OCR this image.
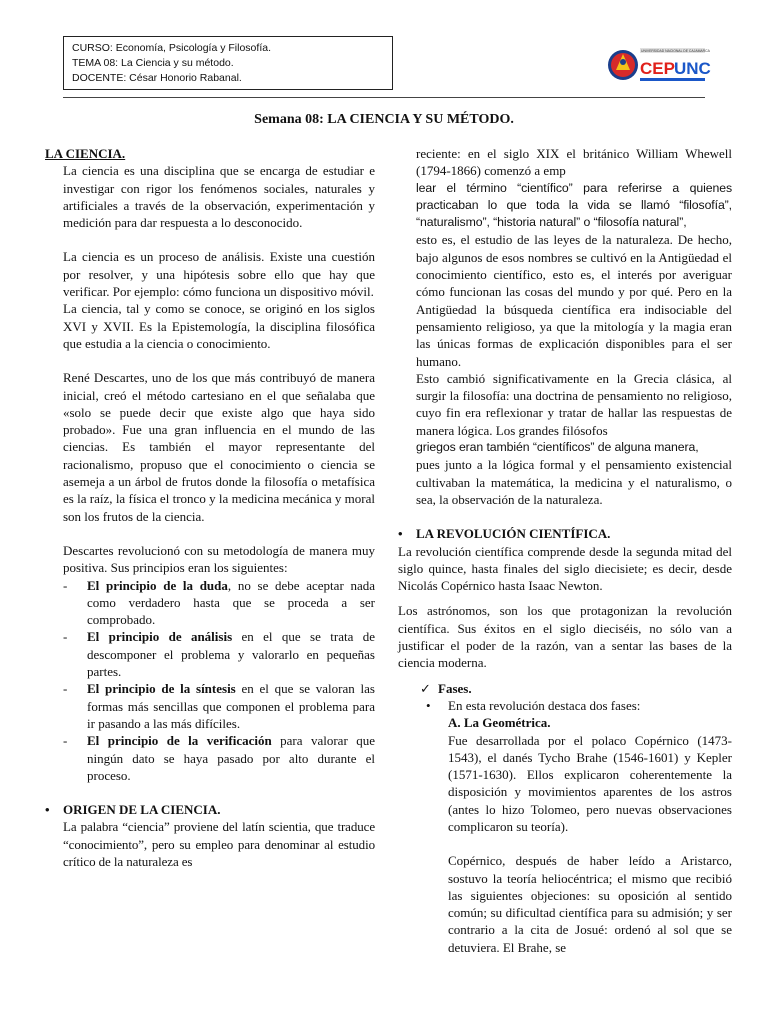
CURSO: Economía, Psicología y Filosofía.
TEMA 08: La Ciencia y su método.
DOCENTE: César Honorio Rabanal.
UNIVERSIDAD NACIONAL DE CAJAMARCA
CEP UNC
Semana 08: LA CIENCIA Y SU MÉTODO.

LA CIENCIA.

La ciencia es una disciplina que se encarga de estudiar e investigar con rigor los fenómenos sociales, naturales y artificiales a través de la observación, experimentación y medición para dar respuesta a lo desconocido.

La ciencia es un proceso de análisis. Existe una cuestión por resolver, y una hipótesis sobre ello que hay que verificar. Por ejemplo: cómo funciona un dispositivo móvil.

La ciencia, tal y como se conoce, se originó en los siglos XVI y XVII. Es la Epistemología, la disciplina filosófica que estudia a la ciencia o conocimiento.

René Descartes, uno de los que más contribuyó de manera inicial, creó el método cartesiano en el que señalaba que «solo se puede decir que existe algo que haya sido probado». Fue una gran influencia en el mundo de las ciencias. Es también el mayor representante del racionalismo, propuso que el conocimiento o ciencia se asemeja a un árbol de frutos donde la filosofía o metafísica es la raíz, la física el tronco y la medicina mecánica y moral son los frutos de la ciencia.

Descartes revolucionó con su metodología de manera muy positiva. Sus principios eran los siguientes:

-	El principio de la duda, no se debe aceptar nada como verdadero hasta que se proceda a ser comprobado.
-	El principio de análisis en el que se trata de descomponer el problema y valorarlo en pequeñas partes.
-	El principio de la síntesis en el que se valoran las formas más sencillas que componen el problema para ir pasando a las más difíciles.
-	El principio de la verificación para valorar que ningún dato se haya pasado por alto durante el proceso.
•	ORIGEN DE LA CIENCIA.

La palabra “ciencia” proviene del latín scientia, que traduce “conocimiento”, pero su empleo para denominar al estudio crítico de la naturaleza es

reciente: en el siglo XIX el británico William Whewell (1794-1866) comenzó a emp

lear el término “científico” para referirse a quienes practicaban lo que toda la vida se llamó “filosofía”, “naturalismo”, “historia natural” o “filosofía natural”,

esto es, el estudio de las leyes de la naturaleza. De hecho, bajo algunos de esos nombres se cultivó en la Antigüedad el conocimiento científico, esto es, el interés por averiguar cómo funcionan las cosas del mundo y por qué. Pero en la Antigüedad la búsqueda científica era indisociable del pensamiento religioso, ya que la mitología y la magia eran las únicas formas de explicación disponibles para el ser humano.

Esto cambió significativamente en la Grecia clásica, al surgir la filosofía: una doctrina de pensamiento no religioso, cuyo fin era reflexionar y tratar de hallar las respuestas de manera lógica. Los grandes filósofos

griegos eran también “científicos” de alguna manera,

pues junto a la lógica formal y el pensamiento existencial cultivaban la matemática, la medicina y el naturalismo, o sea, la observación de la naturaleza.

•	LA REVOLUCIÓN CIENTÍFICA.

La revolución científica comprende desde la segunda mitad del siglo quince, hasta finales del siglo diecisiete; es decir, desde Nicolás Copérnico hasta Isaac Newton.

Los astrónomos, son los que protagonizan la revolución científica. Sus éxitos en el siglo dieciséis, no sólo van a justificar el poder de la razón, van a sentar las bases de la ciencia moderna.

✓ Fases.
•	En esta revolución destaca dos fases:

A. La Geométrica.

Fue desarrollada por el polaco Copérnico (1473-1543), el danés Tycho Brahe (1546-1601) y Kepler (1571-1630). Ellos explicaron coherentemente la disposición y movimientos aparentes de los astros (antes lo hizo Tolomeo, pero nuevas observaciones complicaron su teoría).

Copérnico, después de haber leído a Aristarco, sostuvo la teoría heliocéntrica; el mismo que recibió las siguientes objeciones: su oposición al sentido común; su dificultad científica para su admisión; y ser contrario a la cita de Josué: ordenó al sol que se detuviera. El Brahe, se
